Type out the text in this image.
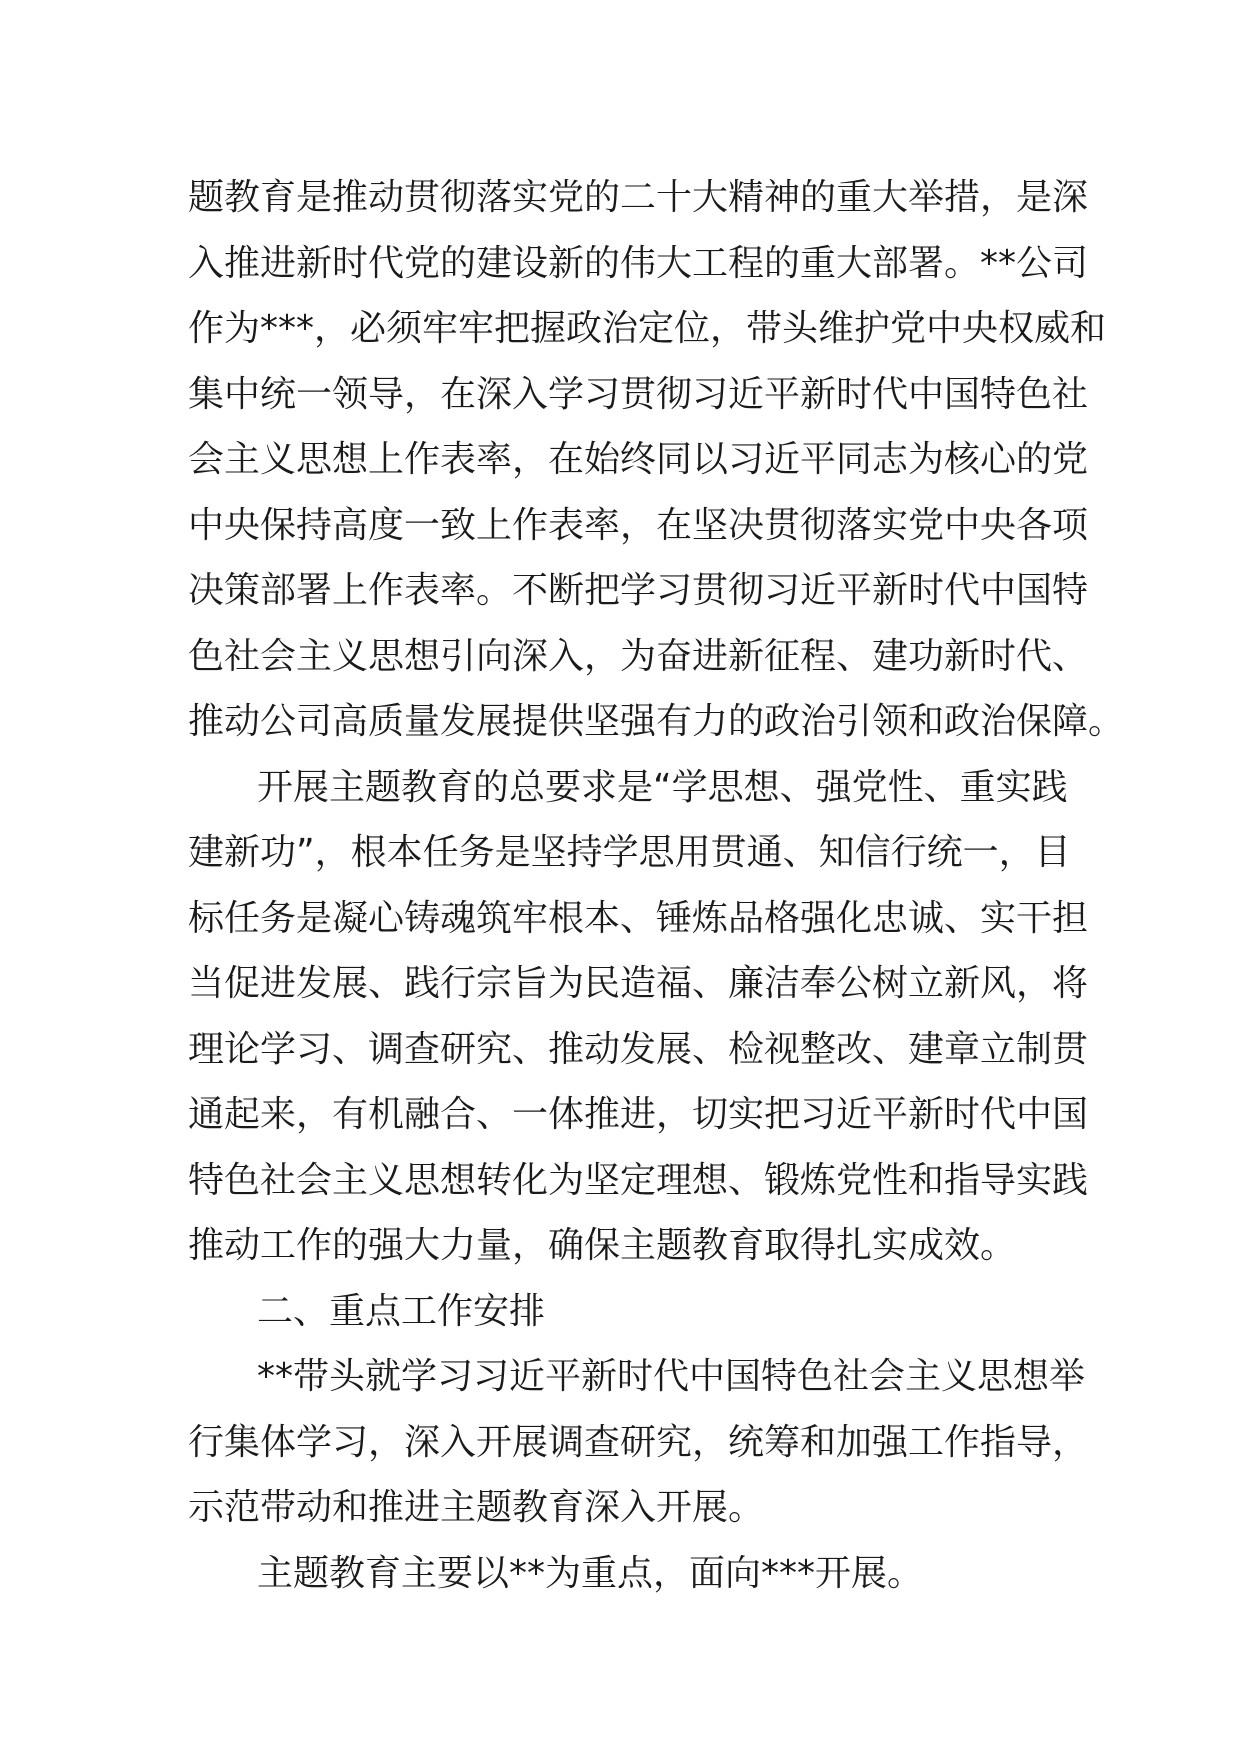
题教育是推动贯彻落实党的二十大精神的重大举措，是深
入推进新时代党的建设新的伟大工程的重大部署。**公司
作为***，必须牢牢把握政治定位，带头维护党中央权威和
集中统一领导，在深入学习贯彻习近平新时代中国特色社
会主义思想上作表率，在始终同以习近平同志为核心的党
中央保持高度一致上作表率，在坚决贯彻落实党中央各项
决策部署上作表率。不断把学习贯彻习近平新时代中国特
色社会主义思想引向深入，为奋进新征程、建功新时代、
推动公司高质量发展提供坚强有力的政治引领和政治保障。
开展主题教育的总要求是“学思想、强党性、重实践
建新功”，根本任务是坚持学思用贯通、知信行统一，目
标任务是凝心铸魂筑牢根本、锤炼品格强化忠诚、实干担
当促进发展、践行宗旨为民造福、廉洁奉公树立新风，将
理论学习、调查研究、推动发展、检视整改、建章立制贯
通起来，有机融合、一体推进，切实把习近平新时代中国
特色社会主义思想转化为坚定理想、锻炼党性和指导实践
推动工作的强大力量，确保主题教育取得扎实成效。
二、重点工作安排
**带头就学习习近平新时代中国特色社会主义思想举
行集体学习，深入开展调查研究，统筹和加强工作指导，
示范带动和推进主题教育深入开展。
主题教育主要以**为重点，面向***开展。
